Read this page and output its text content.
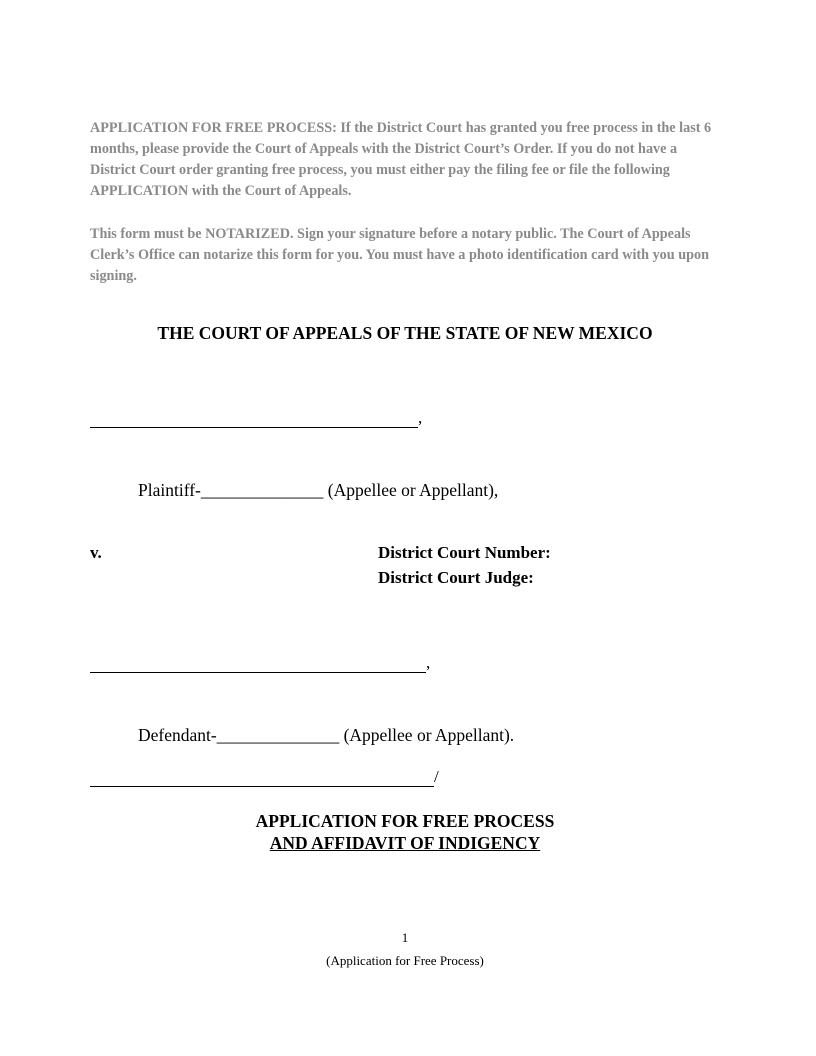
APPLICATION FOR FREE PROCESS: If the District Court has granted you free process in the last 6 months, please provide the Court of Appeals with the District Court’s Order. If you do not have a District Court order granting free process, you must either pay the filing fee or file the following APPLICATION with the Court of Appeals.

This form must be NOTARIZED. Sign your signature before a notary public. The Court of Appeals Clerk’s Office can notarize this form for you. You must have a photo identification card with you upon signing.

THE COURT OF APPEALS OF THE STATE OF NEW MEXICO
,
Plaintiff-______________ (Appellee or Appellant),
v.	District Court Number:
District Court Judge:
,
Defendant-______________ (Appellee or Appellant).
/
APPLICATION FOR FREE PROCESS
AND AFFIDAVIT OF INDIGENCY
1
(Application for Free Process)
